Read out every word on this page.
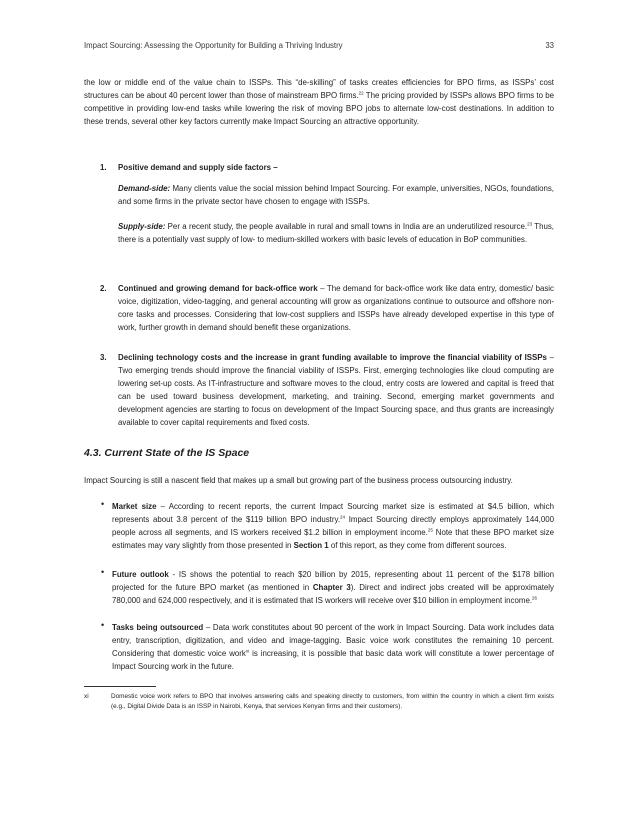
Impact Sourcing: Assessing the Opportunity for Building a Thriving Industry	33
the low or middle end of the value chain to ISSPs. This “de-skilling” of tasks creates efficiencies for BPO firms, as ISSPs’ cost structures can be about 40 percent lower than those of mainstream BPO firms.$^{22}$ The pricing provided by ISSPs allows BPO firms to be competitive in providing low-end tasks while lowering the risk of moving BPO jobs to alternate low-cost destinations. In addition to these trends, several other key factors currently make Impact Sourcing an attractive opportunity.
1. Positive demand and supply side factors –
Demand-side: Many clients value the social mission behind Impact Sourcing. For example, universities, NGOs, foundations, and some firms in the private sector have chosen to engage with ISSPs.
Supply-side: Per a recent study, the people available in rural and small towns in India are an underutilized resource.$^{23}$ Thus, there is a potentially vast supply of low- to medium-skilled workers with basic levels of education in BoP communities.
2. Continued and growing demand for back-office work – The demand for back-office work like data entry, domestic/ basic voice, digitization, video-tagging, and general accounting will grow as organizations continue to outsource and offshore non-core tasks and processes. Considering that low-cost suppliers and ISSPs have already developed expertise in this type of work, further growth in demand should benefit these organizations.
3. Declining technology costs and the increase in grant funding available to improve the financial viability of ISSPs – Two emerging trends should improve the financial viability of ISSPs. First, emerging technologies like cloud computing are lowering set-up costs. As IT-infrastructure and software moves to the cloud, entry costs are lowered and capital is freed that can be used toward business development, marketing, and training. Second, emerging market governments and development agencies are starting to focus on development of the Impact Sourcing space, and thus grants are increasingly available to cover capital requirements and fixed costs.
4.3. Current State of the IS Space
Impact Sourcing is still a nascent field that makes up a small but growing part of the business process outsourcing industry.
• Market size – According to recent reports, the current Impact Sourcing market size is estimated at $4.5 billion, which represents about 3.8 percent of the $119 billion BPO industry.$^{24}$ Impact Sourcing directly employs approximately 144,000 people across all segments, and IS workers received $1.2 billion in employment income.$^{25}$ Note that these BPO market size estimates may vary slightly from those presented in Section 1 of this report, as they come from different sources.
• Future outlook - IS shows the potential to reach $20 billion by 2015, representing about 11 percent of the $178 billion projected for the future BPO market (as mentioned in Chapter 3). Direct and indirect jobs created will be approximately 780,000 and 624,000 respectively, and it is estimated that IS workers will receive over $10 billion in employment income.$^{26}$
• Tasks being outsourced – Data work constitutes about 90 percent of the work in Impact Sourcing. Data work includes data entry, transcription, digitization, and video and image-tagging. Basic voice work constitutes the remaining 10 percent. Considering that domestic voice work$^{xi}$ is increasing, it is possible that basic data work will constitute a lower percentage of Impact Sourcing work in the future.
xi	Domestic voice work refers to BPO that involves answering calls and speaking directly to customers, from within the country in which a client firm exists (e.g., Digital Divide Data is an ISSP in Nairobi, Kenya, that services Kenyan firms and their customers).
